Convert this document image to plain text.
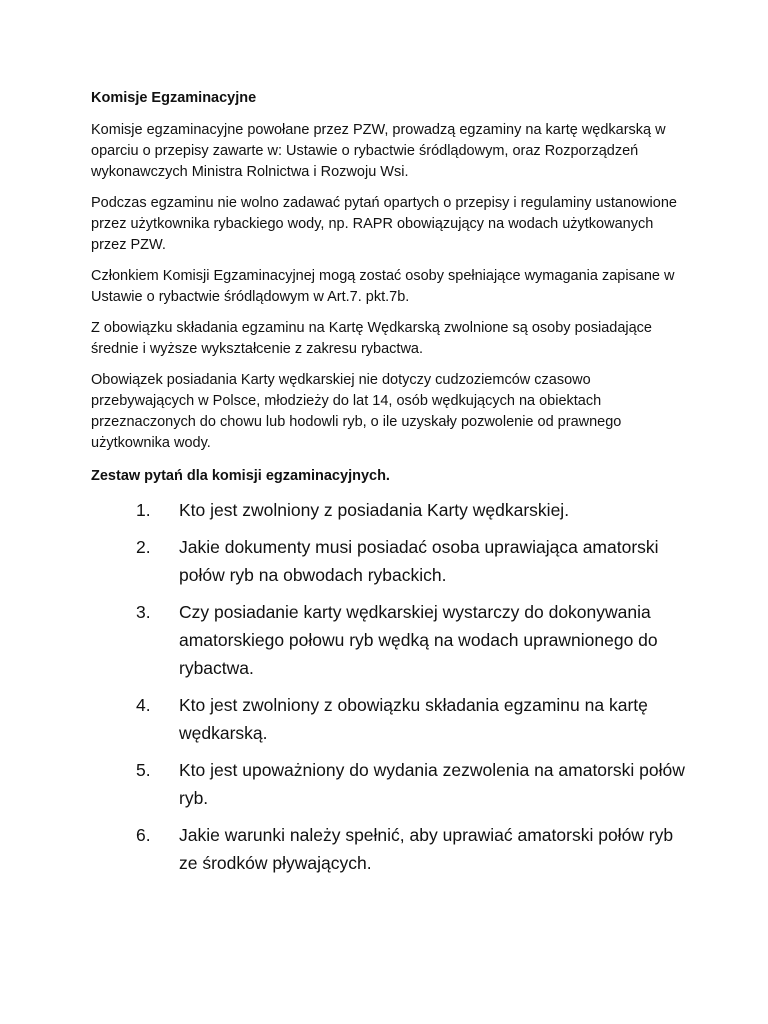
Komisje Egzaminacyjne

Komisje egzaminacyjne powołane przez PZW, prowadzą egzaminy na kartę wędkarską w oparciu o przepisy zawarte w: Ustawie o rybactwie śródlądowym, oraz Rozporządzeń wykonawczych Ministra Rolnictwa i Rozwoju Wsi.

Podczas egzaminu nie wolno zadawać pytań opartych o przepisy i regulaminy ustanowione przez użytkownika rybackiego wody, np. RAPR obowiązujący na wodach użytkowanych przez PZW.

Członkiem Komisji Egzaminacyjnej mogą zostać osoby spełniające wymagania zapisane w Ustawie o rybactwie śródlądowym w Art.7. pkt.7b.

Z obowiązku składania egzaminu na Kartę Wędkarską zwolnione są osoby posiadające średnie i wyższe wykształcenie z zakresu rybactwa.

Obowiązek posiadania Karty wędkarskiej nie dotyczy cudzoziemców czasowo przebywających w Polsce, młodzieży do lat 14, osób wędkujących na obiektach przeznaczonych do chowu lub hodowli ryb, o ile uzyskały pozwolenie od prawnego użytkownika wody.

Zestaw pytań dla komisji egzaminacyjnych.
1. Kto jest zwolniony z posiadania Karty wędkarskiej.
2. Jakie dokumenty musi posiadać osoba uprawiająca amatorski połów ryb na obwodach rybackich.
3. Czy posiadanie karty wędkarskiej wystarczy do dokonywania amatorskiego połowu ryb wędką na wodach uprawnionego do rybactwa.
4. Kto jest zwolniony z obowiązku składania egzaminu na kartę wędkarską.
5. Kto jest upoważniony do wydania zezwolenia na amatorski połów ryb.
6. Jakie warunki należy spełnić, aby uprawiać amatorski połów ryb ze środków pływających.
